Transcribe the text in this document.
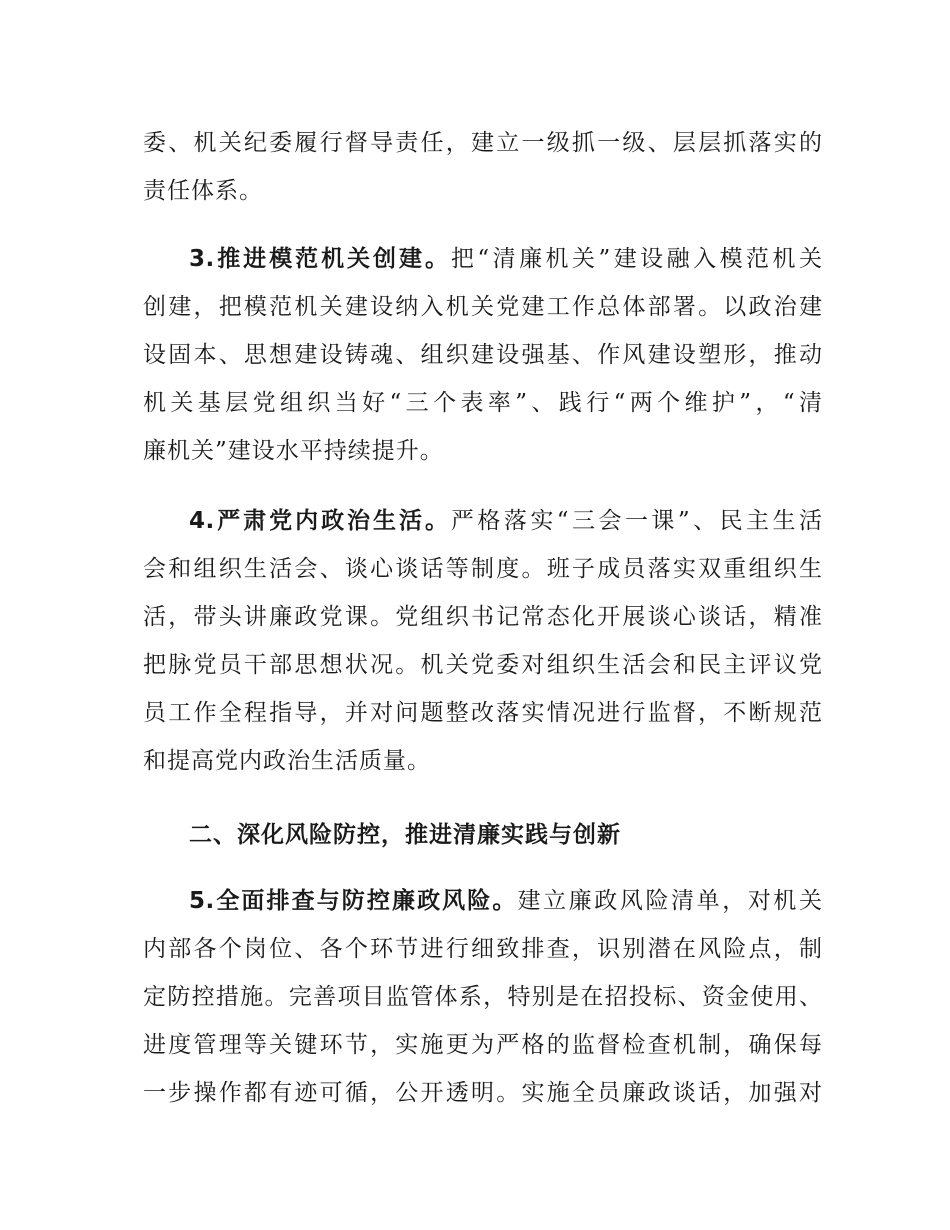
委、机关纪委履行督导责任，建立一级抓一级、层层抓落实的
责任体系。
3.推进模范机关创建。把“清廉机关”建设融入模范机关
创建，把模范机关建设纳入机关党建工作总体部署。以政治建
设固本、思想建设铸魂、组织建设强基、作风建设塑形，推动
机关基层党组织当好“三个表率”、践行“两个维护”，“清
廉机关”建设水平持续提升。
4.严肃党内政治生活。严格落实“三会一课”、民主生活
会和组织生活会、谈心谈话等制度。班子成员落实双重组织生
活，带头讲廉政党课。党组织书记常态化开展谈心谈话，精准
把脉党员干部思想状况。机关党委对组织生活会和民主评议党
员工作全程指导，并对问题整改落实情况进行监督，不断规范
和提高党内政治生活质量。
二、深化风险防控，推进清廉实践与创新
5.全面排查与防控廉政风险。建立廉政风险清单，对机关
内部各个岗位、各个环节进行细致排查，识别潜在风险点，制
定防控措施。完善项目监管体系，特别是在招投标、资金使用、
进度管理等关键环节，实施更为严格的监督检查机制，确保每
一步操作都有迹可循，公开透明。实施全员廉政谈话，加强对
